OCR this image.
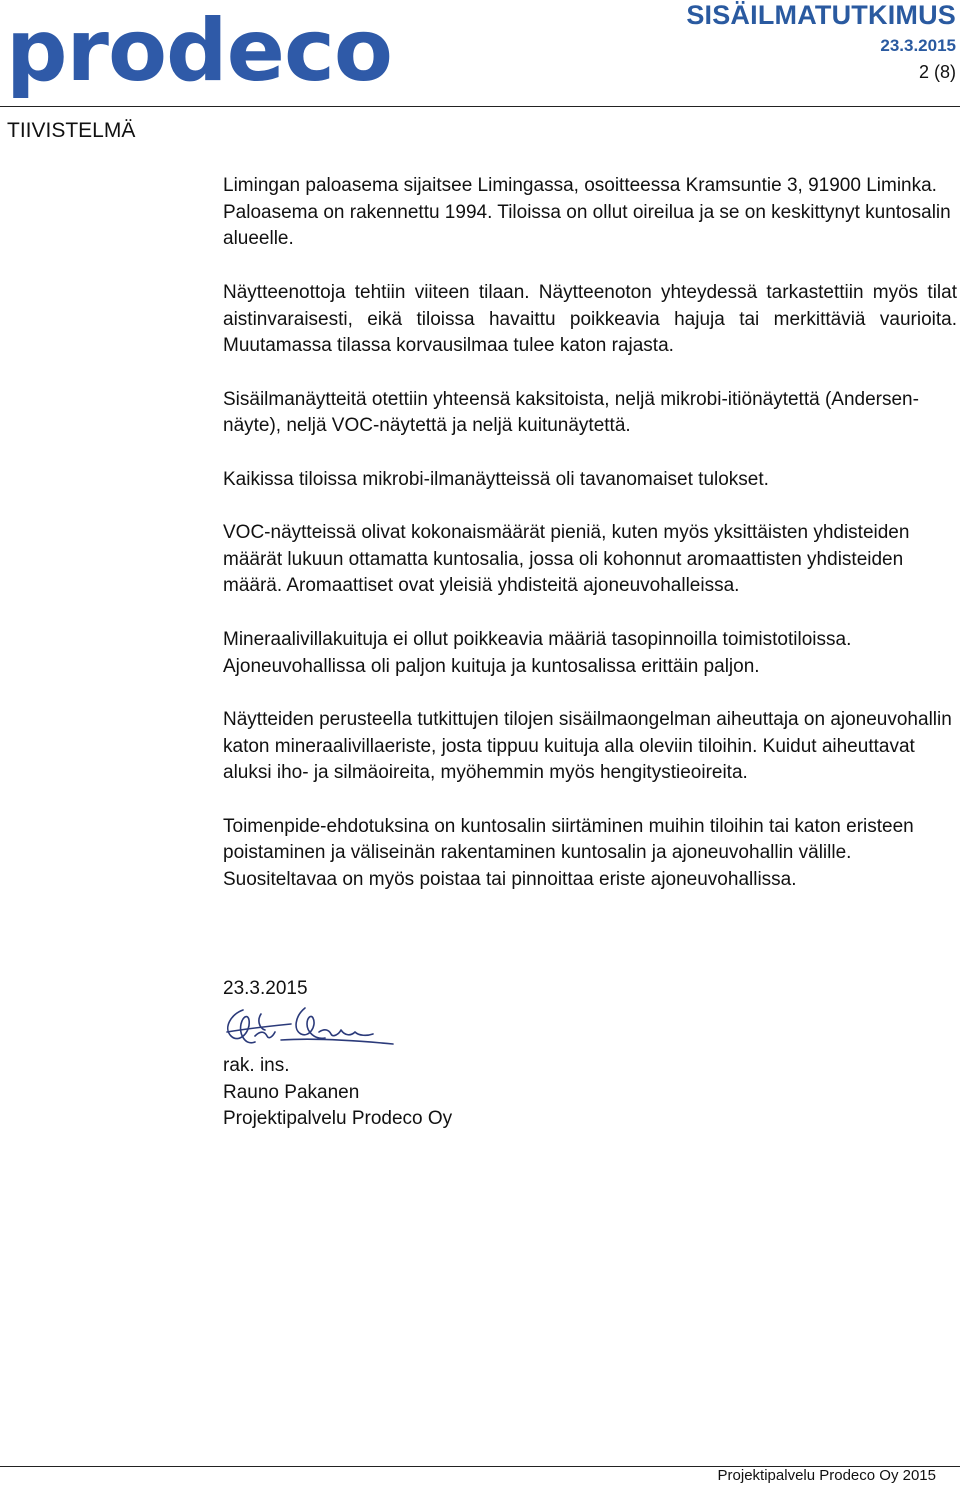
prodeco	SISÄILMATUTKIMUS
23.3.2015
2 (8)
TIIVISTELMÄ

Limingan paloasema sijaitsee Limingassa, osoitteessa Kramsuntie 3, 91900 Liminka. Paloasema on rakennettu 1994. Tiloissa on ollut oireilua ja se on keskittynyt kuntosalin alueelle.

Näytteenottoja tehtiin viiteen tilaan. Näytteenoton yhteydessä tarkastettiin myös tilat aistinvaraisesti, eikä tiloissa havaittu poikkeavia hajuja tai merkittäviä vaurioita. Muutamassa tilassa korvausilmaa tulee katon rajasta.

Sisäilmanäytteitä otettiin yhteensä kaksitoista, neljä mikrobi-itiönäytettä (Andersen-näyte), neljä VOC-näytettä ja neljä kuitunäytettä.

Kaikissa tiloissa mikrobi-ilmanäytteissä oli tavanomaiset tulokset.

VOC-näytteissä olivat kokonaismäärät pieniä, kuten myös yksittäisten yhdisteiden määrät lukuun ottamatta kuntosalia, jossa oli kohonnut aromaattisten yhdisteiden määrä. Aromaattiset ovat yleisiä yhdisteitä ajoneuvohalleissa.

Mineraalivillakuituja ei ollut poikkeavia määriä tasopinnoilla toimistotiloissa. Ajoneuvohallissa oli paljon kuituja ja kuntosalissa erittäin paljon.

Näytteiden perusteella tutkittujen tilojen sisäilmaongelman aiheuttaja on ajoneuvohallin katon mineraalivillaeriste, josta tippuu kuituja alla oleviin tiloihin. Kuidut aiheuttavat aluksi iho- ja silmäoireita, myöhemmin myös hengitystieoireita.

Toimenpide-ehdotuksina on kuntosalin siirtäminen muihin tiloihin tai katon eristeen poistaminen ja väliseinän rakentaminen kuntosalin ja ajoneuvohallin välille. Suositeltavaa on myös poistaa tai pinnoittaa eriste ajoneuvohallissa.

23.3.2015
rak. ins.
Rauno Pakanen
Projektipalvelu Prodeco Oy
Projektipalvelu Prodeco Oy 2015
